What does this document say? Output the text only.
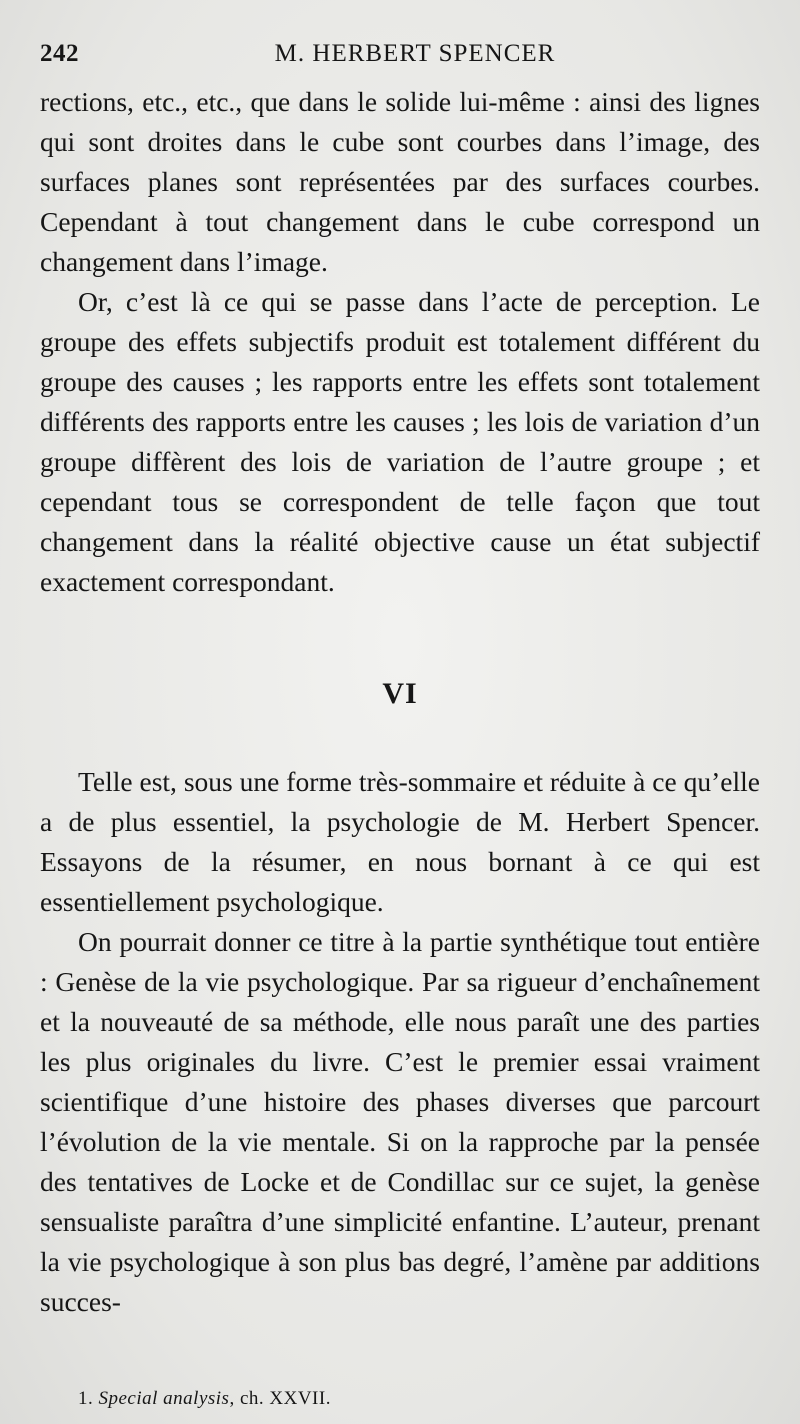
242	M. HERBERT SPENCER

rections, etc., etc., que dans le solide lui-même : ainsi des lignes qui sont droites dans le cube sont courbes dans l’image, des surfaces planes sont représentées par des surfaces courbes. Cependant à tout changement dans le cube correspond un changement dans l’image.

Or, c’est là ce qui se passe dans l’acte de perception. Le groupe des effets subjectifs produit est totalement différent du groupe des causes ; les rapports entre les effets sont totalement différents des rapports entre les causes ; les lois de variation d’un groupe diffèrent des lois de variation de l’autre groupe ; et cependant tous se correspondent de telle façon que tout changement dans la réalité objective cause un état subjectif exactement correspondant.

VI

Telle est, sous une forme très-sommaire et réduite à ce qu’elle a de plus essentiel, la psychologie de M. Herbert Spencer. Essayons de la résumer, en nous bornant à ce qui est essentiellement psychologique.

On pourrait donner ce titre à la partie synthétique tout entière : Genèse de la vie psychologique. Par sa rigueur d’enchaînement et la nouveauté de sa méthode, elle nous paraît une des parties les plus originales du livre. C’est le premier essai vraiment scientifique d’une histoire des phases diverses que parcourt l’évolution de la vie mentale. Si on la rapproche par la pensée des tentatives de Locke et de Condillac sur ce sujet, la genèse sensualiste paraîtra d’une simplicité enfantine. L’auteur, prenant la vie psychologique à son plus bas degré, l’amène par additions succes-

1. Special analysis, ch. XXVII.
